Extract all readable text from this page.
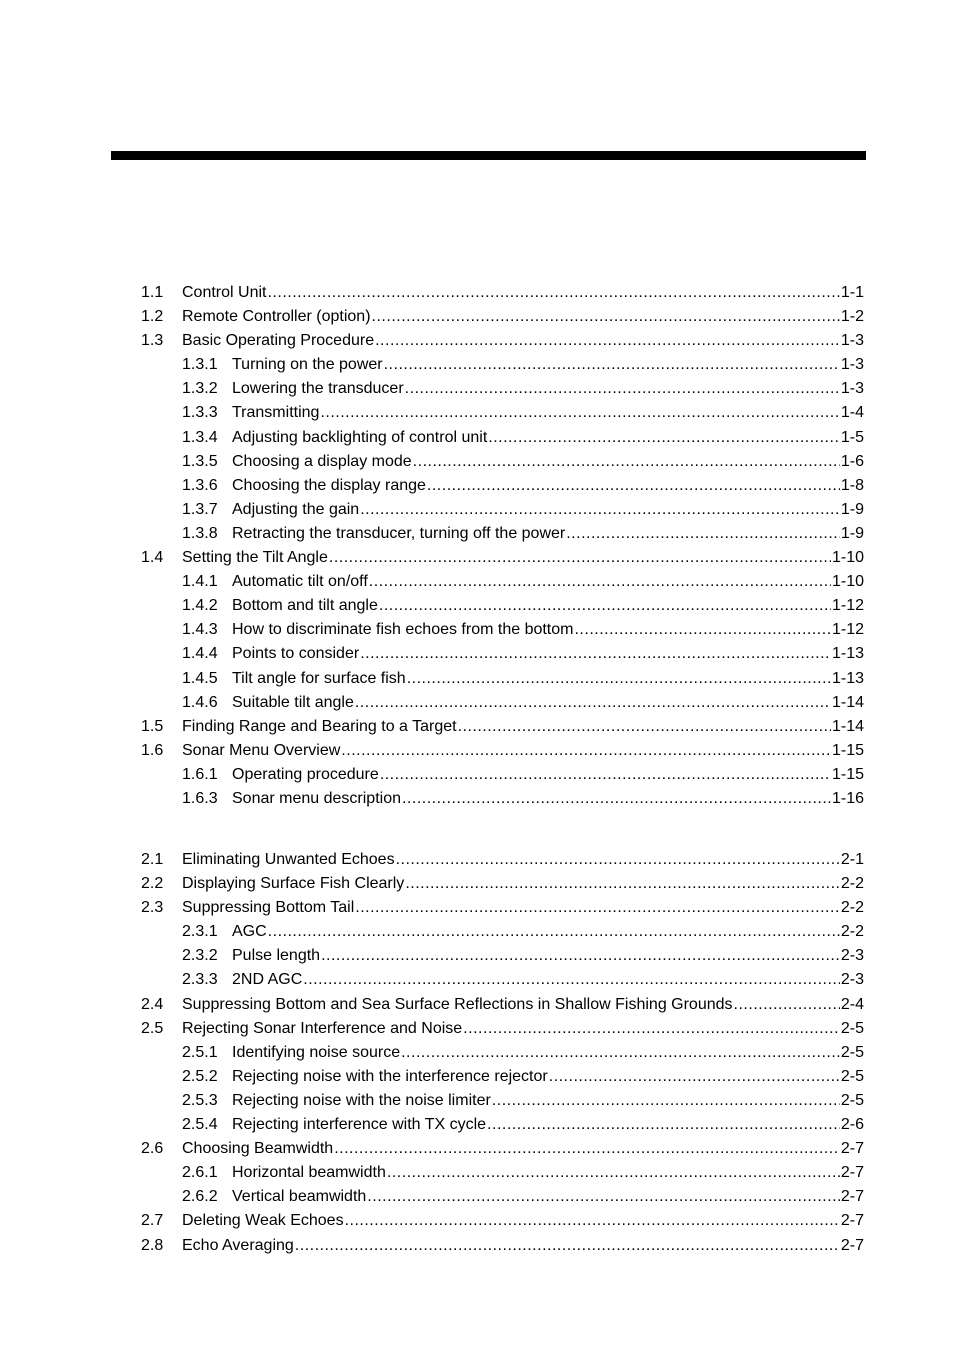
1.1	Control Unit .....	1-1
1.2	Remote Controller (option) .....	1-2
1.3	Basic Operating Procedure .....	1-3
1.3.1 Turning on the power .....	1-3
1.3.2 Lowering the transducer .....	1-3
1.3.3 Transmitting .....	1-4
1.3.4 Adjusting backlighting of control unit .....	1-5
1.3.5 Choosing a display mode .....	1-6
1.3.6 Choosing the display range .....	1-8
1.3.7 Adjusting the gain .....	1-9
1.3.8 Retracting the transducer, turning off the power .....	1-9
1.4	Setting the Tilt Angle .....	1-10
1.4.1 Automatic tilt on/off .....	1-10
1.4.2 Bottom and tilt angle .....	1-12
1.4.3 How to discriminate fish echoes from the bottom .....	1-12
1.4.4 Points to consider .....	1-13
1.4.5 Tilt angle for surface fish .....	1-13
1.4.6 Suitable tilt angle .....	1-14
1.5	Finding Range and Bearing to a Target .....	1-14
1.6	Sonar Menu Overview .....	1-15
1.6.1 Operating procedure .....	1-15
1.6.3 Sonar menu description .....	1-16
2.1	Eliminating Unwanted Echoes .....	2-1
2.2	Displaying Surface Fish Clearly .....	2-2
2.3	Suppressing Bottom Tail .....	2-2
2.3.1 AGC .....	2-2
2.3.2 Pulse length .....	2-3
2.3.3 2ND AGC .....	2-3
2.4	Suppressing Bottom and Sea Surface Reflections in Shallow Fishing Grounds .....	2-4
2.5	Rejecting Sonar Interference and Noise .....	2-5
2.5.1 Identifying noise source .....	2-5
2.5.2 Rejecting noise with the interference rejector .....	2-5
2.5.3 Rejecting noise with the noise limiter .....	2-5
2.5.4 Rejecting interference with TX cycle .....	2-6
2.6	Choosing Beamwidth .....	2-7
2.6.1 Horizontal beamwidth .....	2-7
2.6.2 Vertical beamwidth .....	2-7
2.7	Deleting Weak Echoes .....	2-7
2.8	Echo Averaging .....	2-7
